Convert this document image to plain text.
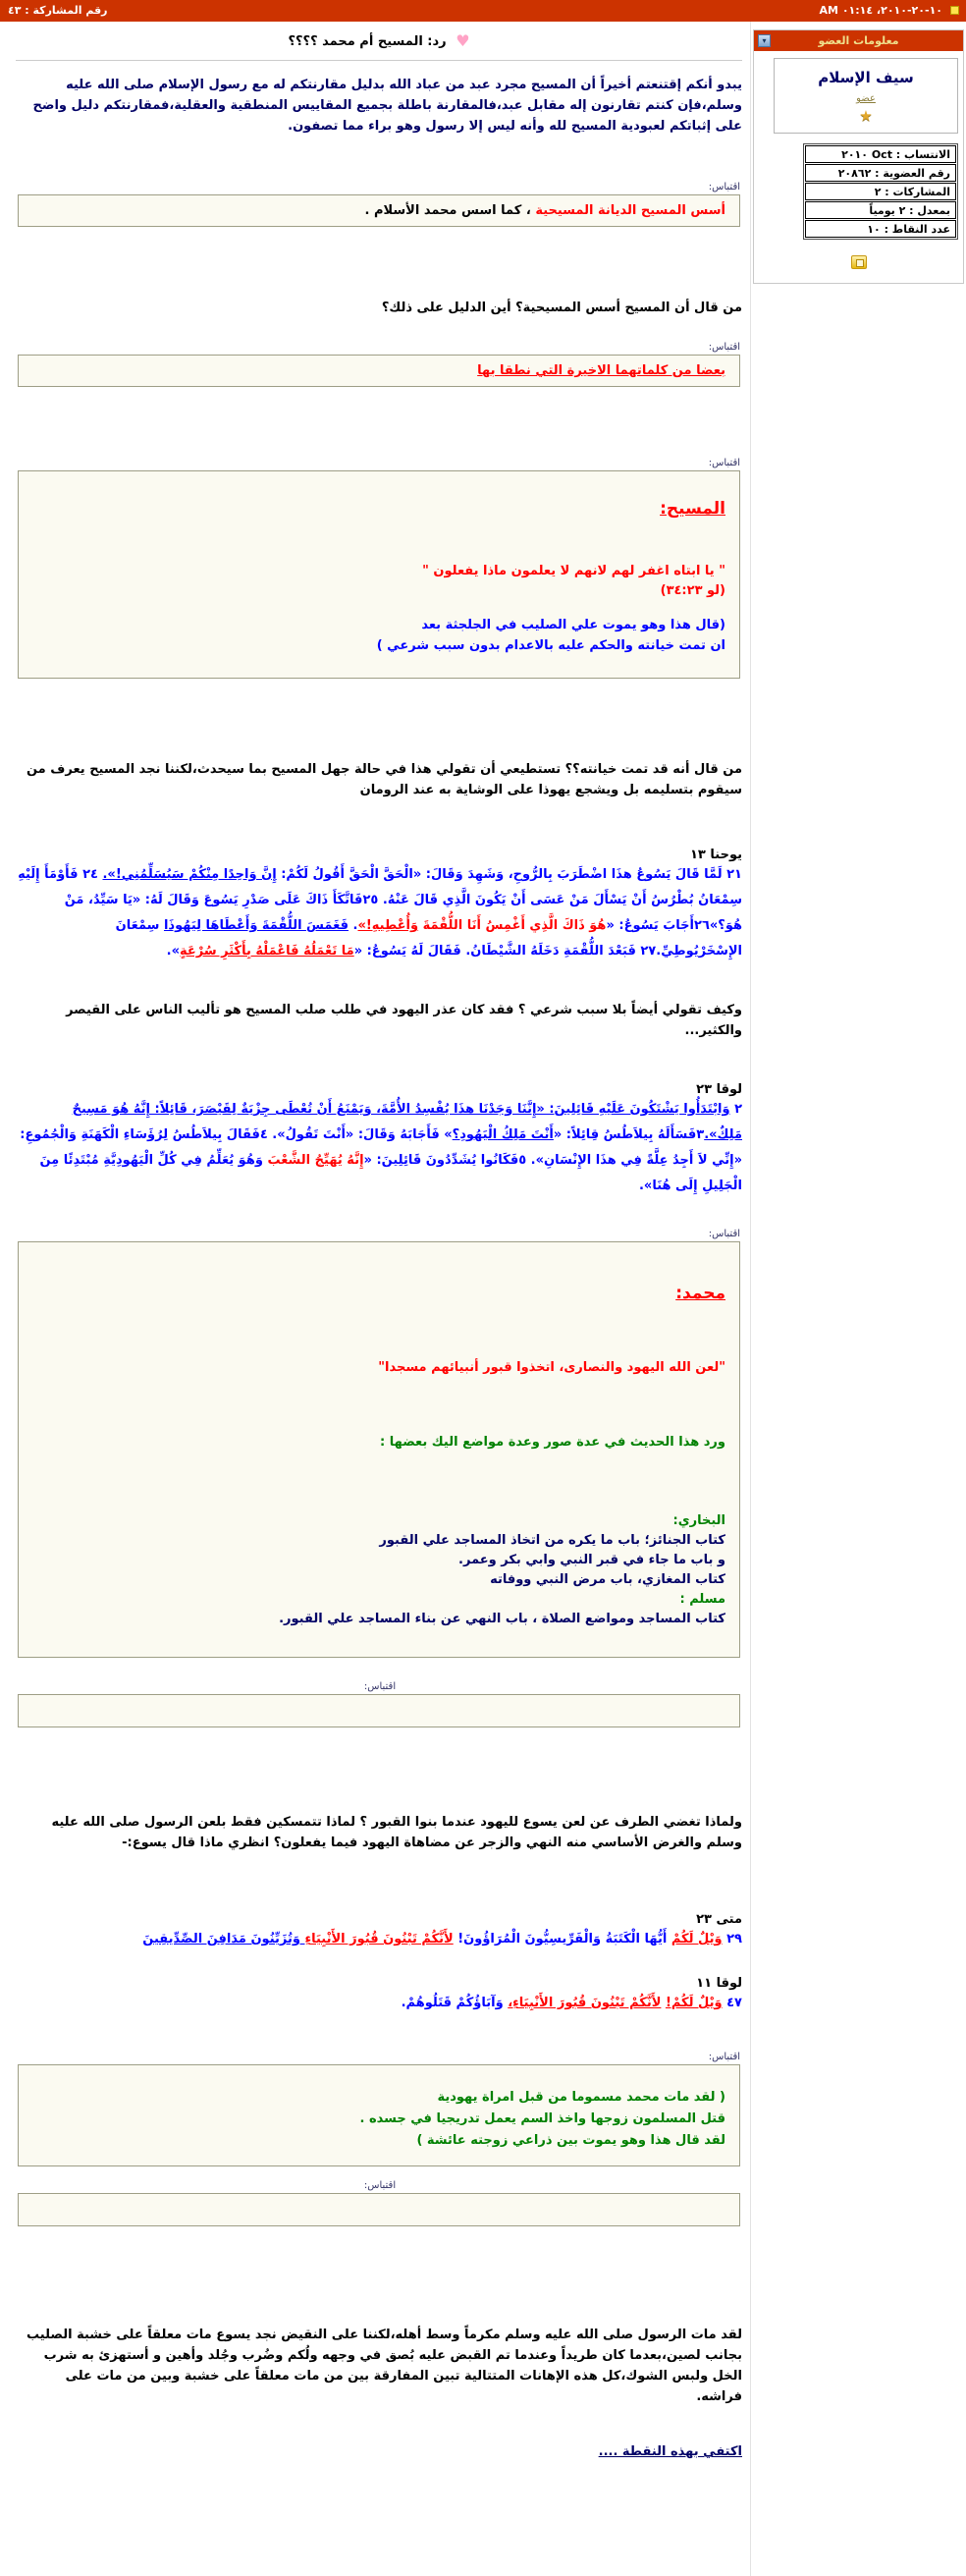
١٠-٢٠-٢٠١٠، ٠١:١٤ AM
رقم المشاركة : ٤٣
▾
معلومات العضو
سيف الإسلام
عضو
★
الانتساب : Oct ٢٠١٠
رقم العضوية : ٢٠٨٦٢
المشاركات : ٢
بمعدل : ٢ يومياً
عدد النقاط : ١٠
♥ رد: المسيح أم محمد ؟؟؟؟

يبدو أنكم إقتنعتم أخيراً أن المسيح مجرد عبد من عباد الله بدليل مقارنتكم له مع رسول الإسلام صلى الله عليه وسلم،فإن كنتم تقارنون إله مقابل عبد،فالمقارنة باطلة بجميع المقاييس المنطقية والعقلية،فمقارنتكم دليل واضح على إثباتكم لعبودية المسيح لله وأنه ليس إلا رسول وهو براء مما تصفون.

اقتباس:
أسس المسيح الديانة المسيحية ، كما اسس محمد الأسلام .

من قال أن المسيح أسس المسيحية؟ أين الدليل على ذلك؟

اقتباس:
بعضا من كلماتهما الاخيرة التي نطقا بها
اقتباس:
المسيح:
" يا ابتاه اغفر لهم لانهم لا يعلمون ماذا يفعلون "
(لو ٣٤:٢٣)
(قال هذا وهو يموت علي الصليب في الجلجثة بعد
ان تمت خيانته والحكم عليه بالاعدام بدون سبب شرعي )

من قال أنه قد تمت خيانته؟؟ تستطيعي أن تقولي هذا في حالة جهل المسيح بما سيحدث،لكننا نجد المسيح يعرف من سيقوم بتسليمه بل ويشجع يهوذا على الوشاية به عند الرومان

يوحنا ١٣
٢١ لَمَّا قَالَ يَسُوعُ هذَا اضْطَرَبَ بِالرُّوحِ، وَشَهِدَ وَقَالَ: «الْحَقَّ الْحَقَّ أَقُولُ لَكُمْ: إِنَّ وَاحِدًا مِنْكُمْ سَيُسَلِّمُنِي!». ٢٤ فَأَوْمَأَ إِلَيْهِ سِمْعَانُ بُطْرُسُ أَنْ يَسْأَلَ مَنْ عَسَى أَنْ يَكُونَ الَّذِي قَالَ عَنْهُ. ٢٥فَاتَّكَأَ ذَاكَ عَلَى صَدْرِ يَسُوعَ وَقَالَ لَهُ: «يَا سَيِّدُ، مَنْ هُوَ؟»٢٦أَجَابَ يَسُوعُ: «هُوَ ذَاكَ الَّذِي أَغْمِسُ أَنَا اللُّقْمَةَ وَأُعْطِيهِ!». فَغَمَسَ اللُّقْمَةَ وَأَعْطَاهَا لِيَهُوذَا سِمْعَانَ الإِسْخَرْيُوطِيِّ.٢٧ فَبَعْدَ اللُّقْمَةِ دَخَلَهُ الشَّيْطَانُ. فَقَالَ لَهُ يَسُوعُ: «مَا تَعْمَلُهُ فَاعْمَلْهُ بِأَكْثَرِ سُرْعَةٍ».

وكيف تقولي أيضاً بلا سبب شرعي ؟ فقد كان عذر اليهود في طلب صلب المسيح هو تأليب الناس على القيصر والكثير...

لوقا ٢٣
٢ وَابْتَدَأُوا يَشْتَكُونَ عَلَيْهِ قَائِلِينَ: «إِنَّنَا وَجَدْنَا هذَا يُفْسِدُ الأُمَّةَ، وَيَمْنَعُ أَنْ تُعْطَى جِزْيَةٌ لِقَيْصَرَ، قَائِلاً: إِنَّهُ هُوَ مَسِيحٌ مَلِكٌ».٣فَسَأَلَهُ بِيلاَطُسُ قِائِلاً: «أَنْتَ مَلِكُ الْيَهُودِ؟» فَأَجَابَهُ وَقَالَ: «أَنْتَ تَقُولُ». ٤فَقَالَ بِيلاَطُسُ لِرُؤَسَاءِ الْكَهَنَةِ وَالْجُمُوعِ: «إِنِّي لاَ أَجِدُ عِلَّةً فِي هذَا الإِنْسَانِ». ٥فَكَانُوا يُشَدِّدُونَ قَائِلِينَ: «إِنَّهُ يُهَيِّجُ الشَّعْبَ وَهُوَ يُعَلِّمُ فِي كُلِّ الْيَهُودِيَّةِ مُبْتَدِئًا مِنَ الْجَلِيلِ إِلَى هُنَا».
اقتباس:
محمد:
"لعن الله اليهود والنصارى، اتخذوا قبور أنبيائهم مسجدا"
ورد هذا الحديث في عدة صور وعدة مواضع اليك بعضها :
البخاري:
كتاب الجنائز؛ باب ما يكره من اتخاذ المساجد علي القبور
و باب ما جاء في قبر النبي وابي بكر وعمر.
كتاب المغازي، باب مرض النبي ووفاته
مسلم :
كتاب المساجد ومواضع الصلاة ، باب النهي عن بناء المساجد علي القبور.
اقتباس:

ولماذا تغضي الطرف عن لعن يسوع لليهود عندما بنوا القبور ؟ لماذا تتمسكين فقط بلعن الرسول صلى الله عليه وسلم والغرض الأساسي منه النهي والزجر عن مضاهاة اليهود فيما يفعلون؟ انظري ماذا قال يسوع:-

متى ٢٣
٢٩ وَيْلٌ لَكُمْ أَيُّهَا الْكَتَبَةُ وَالْفَرِّيسِيُّونَ الْمُرَاؤُونَ! لأَنَّكُمْ تَبْنُونَ قُبُورَ الأَنْبِيَاءِ وَتُزَيِّنُونَ مَدَافِنَ الصِّدِّيقِينَ
لوقا ١١
٤٧ وَيْلٌ لَكُمْ! لأَنَّكُمْ تَبْنُونَ قُبُورَ الأَنْبِيَاءِ، وَآبَاؤُكُمْ قَتَلُوهُمْ.
اقتباس:
( لقد مات محمد مسموما من قبل امراة يهودية
قتل المسلمون زوجها واخذ السم يعمل تدريجيا في جسده .
لقد قال هذا وهو يموت بين ذراعي زوجته عائشة )
اقتباس:

لقد مات الرسول صلى الله عليه وسلم مكرماً وسط أهله،لكننا على النقيض نجد يسوع مات معلقاً على خشبة الصليب بجانب لصين،بعدما كان طريداً وعندما تم القبض عليه بُصق في وجهه ولُكم وضُرب وجُلد وأهين و أستهزئ به شرب الخل ولبس الشوك،كل هذه الإهانات المتتالية تبين المفارقة بين من مات معلقاً على خشبة وبين من مات على فراشه.

اكتفي بهذه النقطة ....
